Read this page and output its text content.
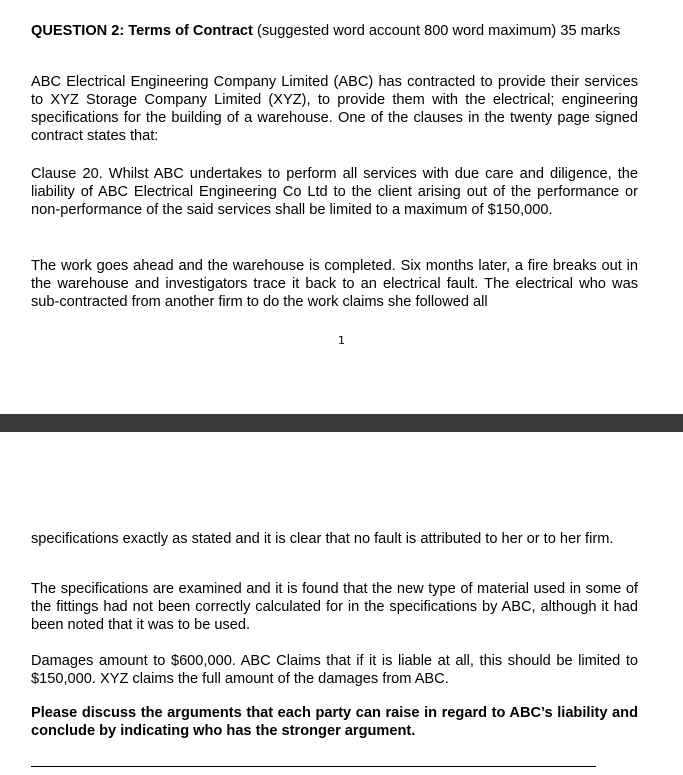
QUESTION 2: Terms of Contract (suggested word account 800 word maximum) 35 marks

ABC Electrical Engineering Company Limited (ABC) has contracted to provide their services to XYZ Storage Company Limited (XYZ), to provide them with the electrical; engineering specifications for the building of a warehouse. One of the clauses in the twenty page signed contract states that:

Clause 20. Whilst ABC undertakes to perform all services with due care and diligence, the liability of ABC Electrical Engineering Co Ltd to the client arising out of the performance or non-performance of the said services shall be limited to a maximum of $150,000.

The work goes ahead and the warehouse is completed. Six months later, a fire breaks out in the warehouse and investigators trace it back to an electrical fault. The electrical who was sub-contracted from another firm to do the work claims she followed all

1

specifications exactly as stated and it is clear that no fault is attributed to her or to her firm.

The specifications are examined and it is found that the new type of material used in some of the fittings had not been correctly calculated for in the specifications by ABC, although it had been noted that it was to be used.

Damages amount to $600,000. ABC Claims that if it is liable at all, this should be limited to $150,000. XYZ claims the full amount of the damages from ABC.

Please discuss the arguments that each party can raise in regard to ABC’s liability and conclude by indicating who has the stronger argument.
